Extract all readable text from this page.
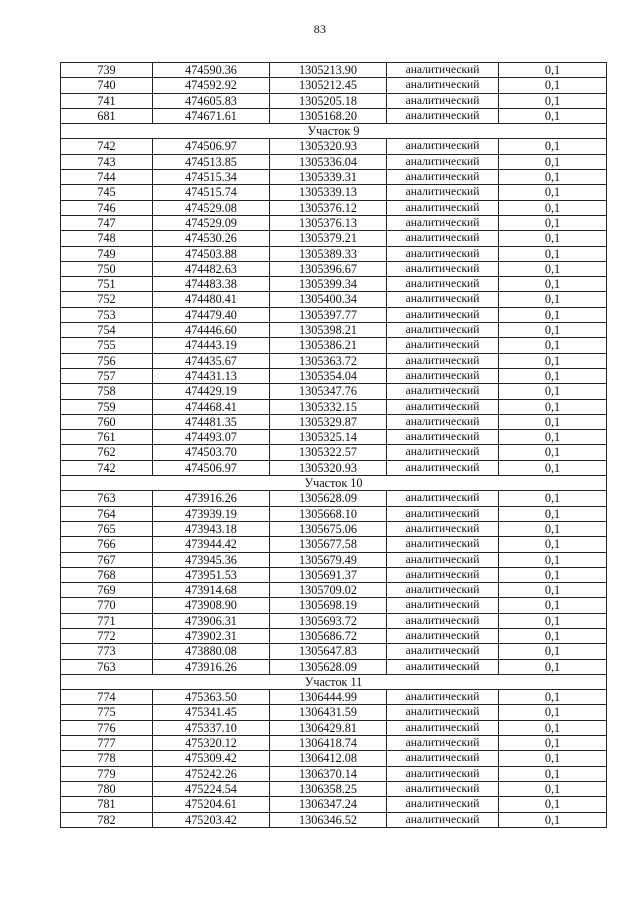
83
739	474590.36	1305213.90	аналитический	0,1
740	474592.92	1305212.45	аналитический	0,1
741	474605.83	1305205.18	аналитический	0,1
681	474671.61	1305168.20	аналитический	0,1
Участок 9				
742	474506.97	1305320.93	аналитический	0,1
743	474513.85	1305336.04	аналитический	0,1
744	474515.34	1305339.31	аналитический	0,1
745	474515.74	1305339.13	аналитический	0,1
746	474529.08	1305376.12	аналитический	0,1
747	474529.09	1305376.13	аналитический	0,1
748	474530.26	1305379.21	аналитический	0,1
749	474503.88	1305389.33	аналитический	0,1
750	474482.63	1305396.67	аналитический	0,1
751	474483.38	1305399.34	аналитический	0,1
752	474480.41	1305400.34	аналитический	0,1
753	474479.40	1305397.77	аналитический	0,1
754	474446.60	1305398.21	аналитический	0,1
755	474443.19	1305386.21	аналитический	0,1
756	474435.67	1305363.72	аналитический	0,1
757	474431.13	1305354.04	аналитический	0,1
758	474429.19	1305347.76	аналитический	0,1
759	474468.41	1305332.15	аналитический	0,1
760	474481.35	1305329.87	аналитический	0,1
761	474493.07	1305325.14	аналитический	0,1
762	474503.70	1305322.57	аналитический	0,1
742	474506.97	1305320.93	аналитический	0,1
Участок 10				
763	473916.26	1305628.09	аналитический	0,1
764	473939.19	1305668.10	аналитический	0,1
765	473943.18	1305675.06	аналитический	0,1
766	473944.42	1305677.58	аналитический	0,1
767	473945.36	1305679.49	аналитический	0,1
768	473951.53	1305691.37	аналитический	0,1
769	473914.68	1305709.02	аналитический	0,1
770	473908.90	1305698.19	аналитический	0,1
771	473906.31	1305693.72	аналитический	0,1
772	473902.31	1305686.72	аналитический	0,1
773	473880.08	1305647.83	аналитический	0,1
763	473916.26	1305628.09	аналитический	0,1
Участок 11				
774	475363.50	1306444.99	аналитический	0,1
775	475341.45	1306431.59	аналитический	0,1
776	475337.10	1306429.81	аналитический	0,1
777	475320.12	1306418.74	аналитический	0,1
778	475309.42	1306412.08	аналитический	0,1
779	475242.26	1306370.14	аналитический	0,1
780	475224.54	1306358.25	аналитический	0,1
781	475204.61	1306347.24	аналитический	0,1
782	475203.42	1306346.52	аналитический	0,1
